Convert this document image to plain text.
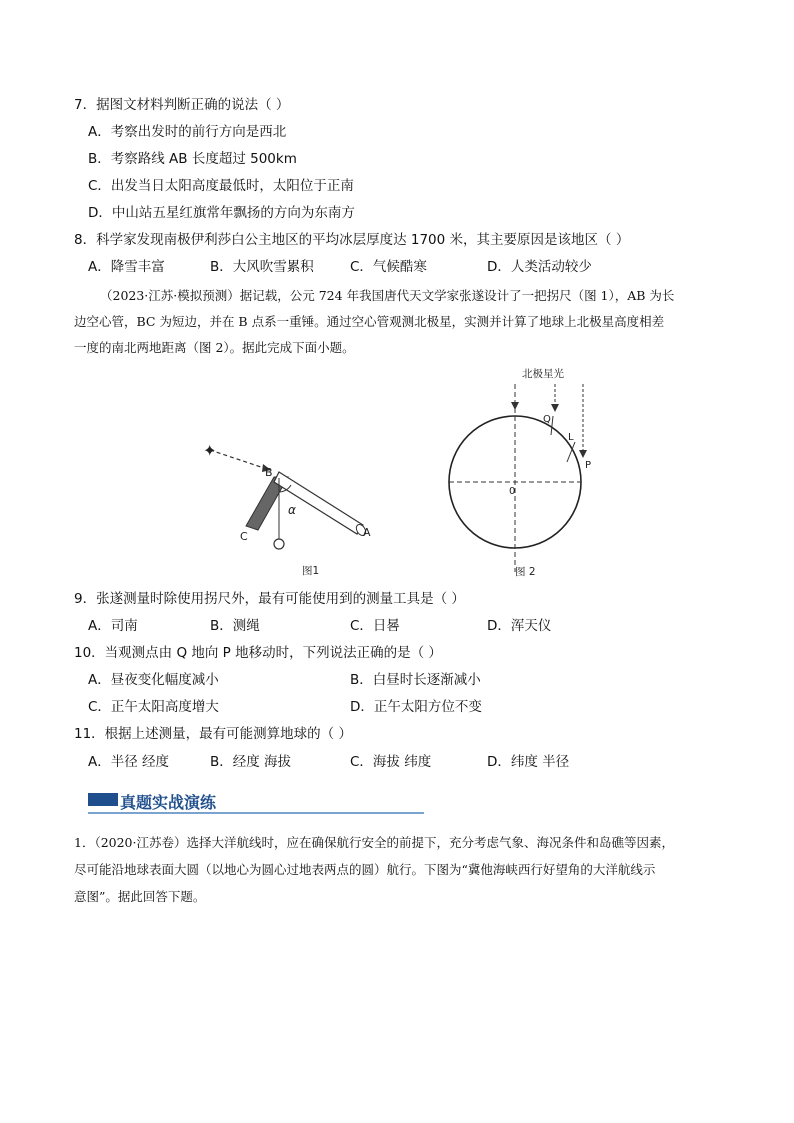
7．据图文材料判断正确的说法（ ）
A．考察出发时的前行方向是西北
B．考察路线 AB 长度超过 500km
C．出发当日太阳高度最低时，太阳位于正南
D．中山站五星红旗常年飘扬的方向为东南方
8．科学家发现南极伊利莎白公主地区的平均冰层厚度达 1700 米，其主要原因是该地区（ ）
A．降雪丰富	B．大风吹雪累积	C．气候酷寒	D．人类活动较少
（2023·江苏·模拟预测）据记载，公元 724 年我国唐代天文学家张遂设计了一把拐尺（图 1），AB 为长
边空心管，BC 为短边，并在 B 点系一重锤。通过空心管观测北极星，实测并计算了地球上北极星高度相差
一度的南北两地距离（图 2）。据此完成下面小题。
✦
B
A
C
α
图1
北极星光
Q
L
P
0
图 2
9．张遂测量时除使用拐尺外，最有可能使用到的测量工具是（ ）
A．司南	B．测绳	C．日晷	D．浑天仪
10．当观测点由 Q 地向 P 地移动时，下列说法正确的是（ ）
A．昼夜变化幅度减小	B．白昼时长逐渐减小
C．正午太阳高度增大	D．正午太阳方位不变
11．根据上述测量，最有可能测算地球的（ ）
A．半径 经度	B．经度 海拔	C．海拔 纬度	D．纬度 半径
真题实战演练
1．（2020·江苏卷）选择大洋航线时，应在确保航行安全的前提下，充分考虑气象、海况条件和岛礁等因素，
尽可能沿地球表面大圆（以地心为圆心过地表两点的圆）航行。下图为“冀他海峡西行好望角的大洋航线示
意图”。据此回答下题。
